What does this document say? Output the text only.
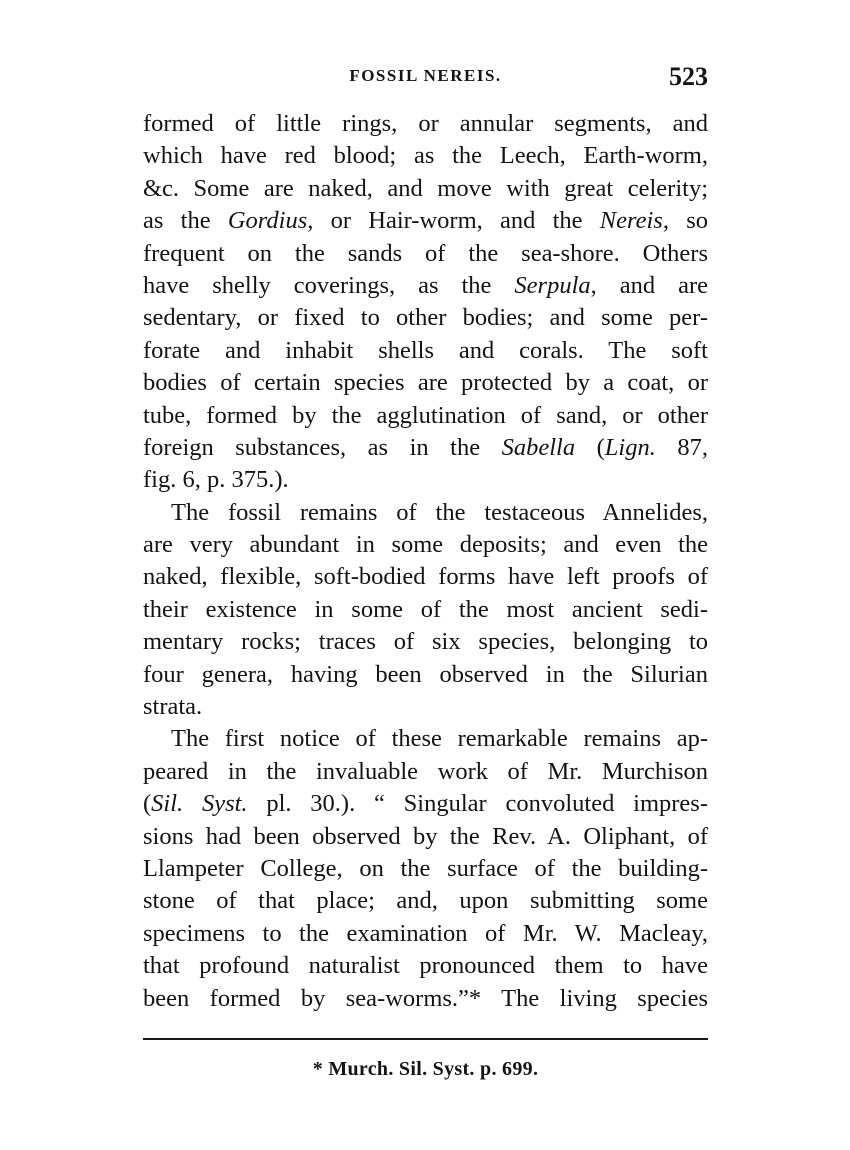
FOSSIL NEREIS.	523
formed of little rings, or annular segments, and
which have red blood; as the Leech, Earth-worm,
&c. Some are naked, and move with great celerity;
as the Gordius, or Hair-worm, and the Nereis, so
frequent on the sands of the sea-shore. Others
have shelly coverings, as the Serpula, and are
sedentary, or fixed to other bodies; and some per-
forate and inhabit shells and corals. The soft
bodies of certain species are protected by a coat, or
tube, formed by the agglutination of sand, or other
foreign substances, as in the Sabella (Lign. 87,
fig. 6, p. 375.).
The fossil remains of the testaceous Annelides,
are very abundant in some deposits; and even the
naked, flexible, soft-bodied forms have left proofs of
their existence in some of the most ancient sedi-
mentary rocks; traces of six species, belonging to
four genera, having been observed in the Silurian
strata.
The first notice of these remarkable remains ap-
peared in the invaluable work of Mr. Murchison
(Sil. Syst. pl. 30.). “ Singular convoluted impres-
sions had been observed by the Rev. A. Oliphant, of
Llampeter College, on the surface of the building-
stone of that place; and, upon submitting some
specimens to the examination of Mr. W. Macleay,
that profound naturalist pronounced them to have
been formed by sea-worms.”* The living species
* Murch. Sil. Syst. p. 699.
